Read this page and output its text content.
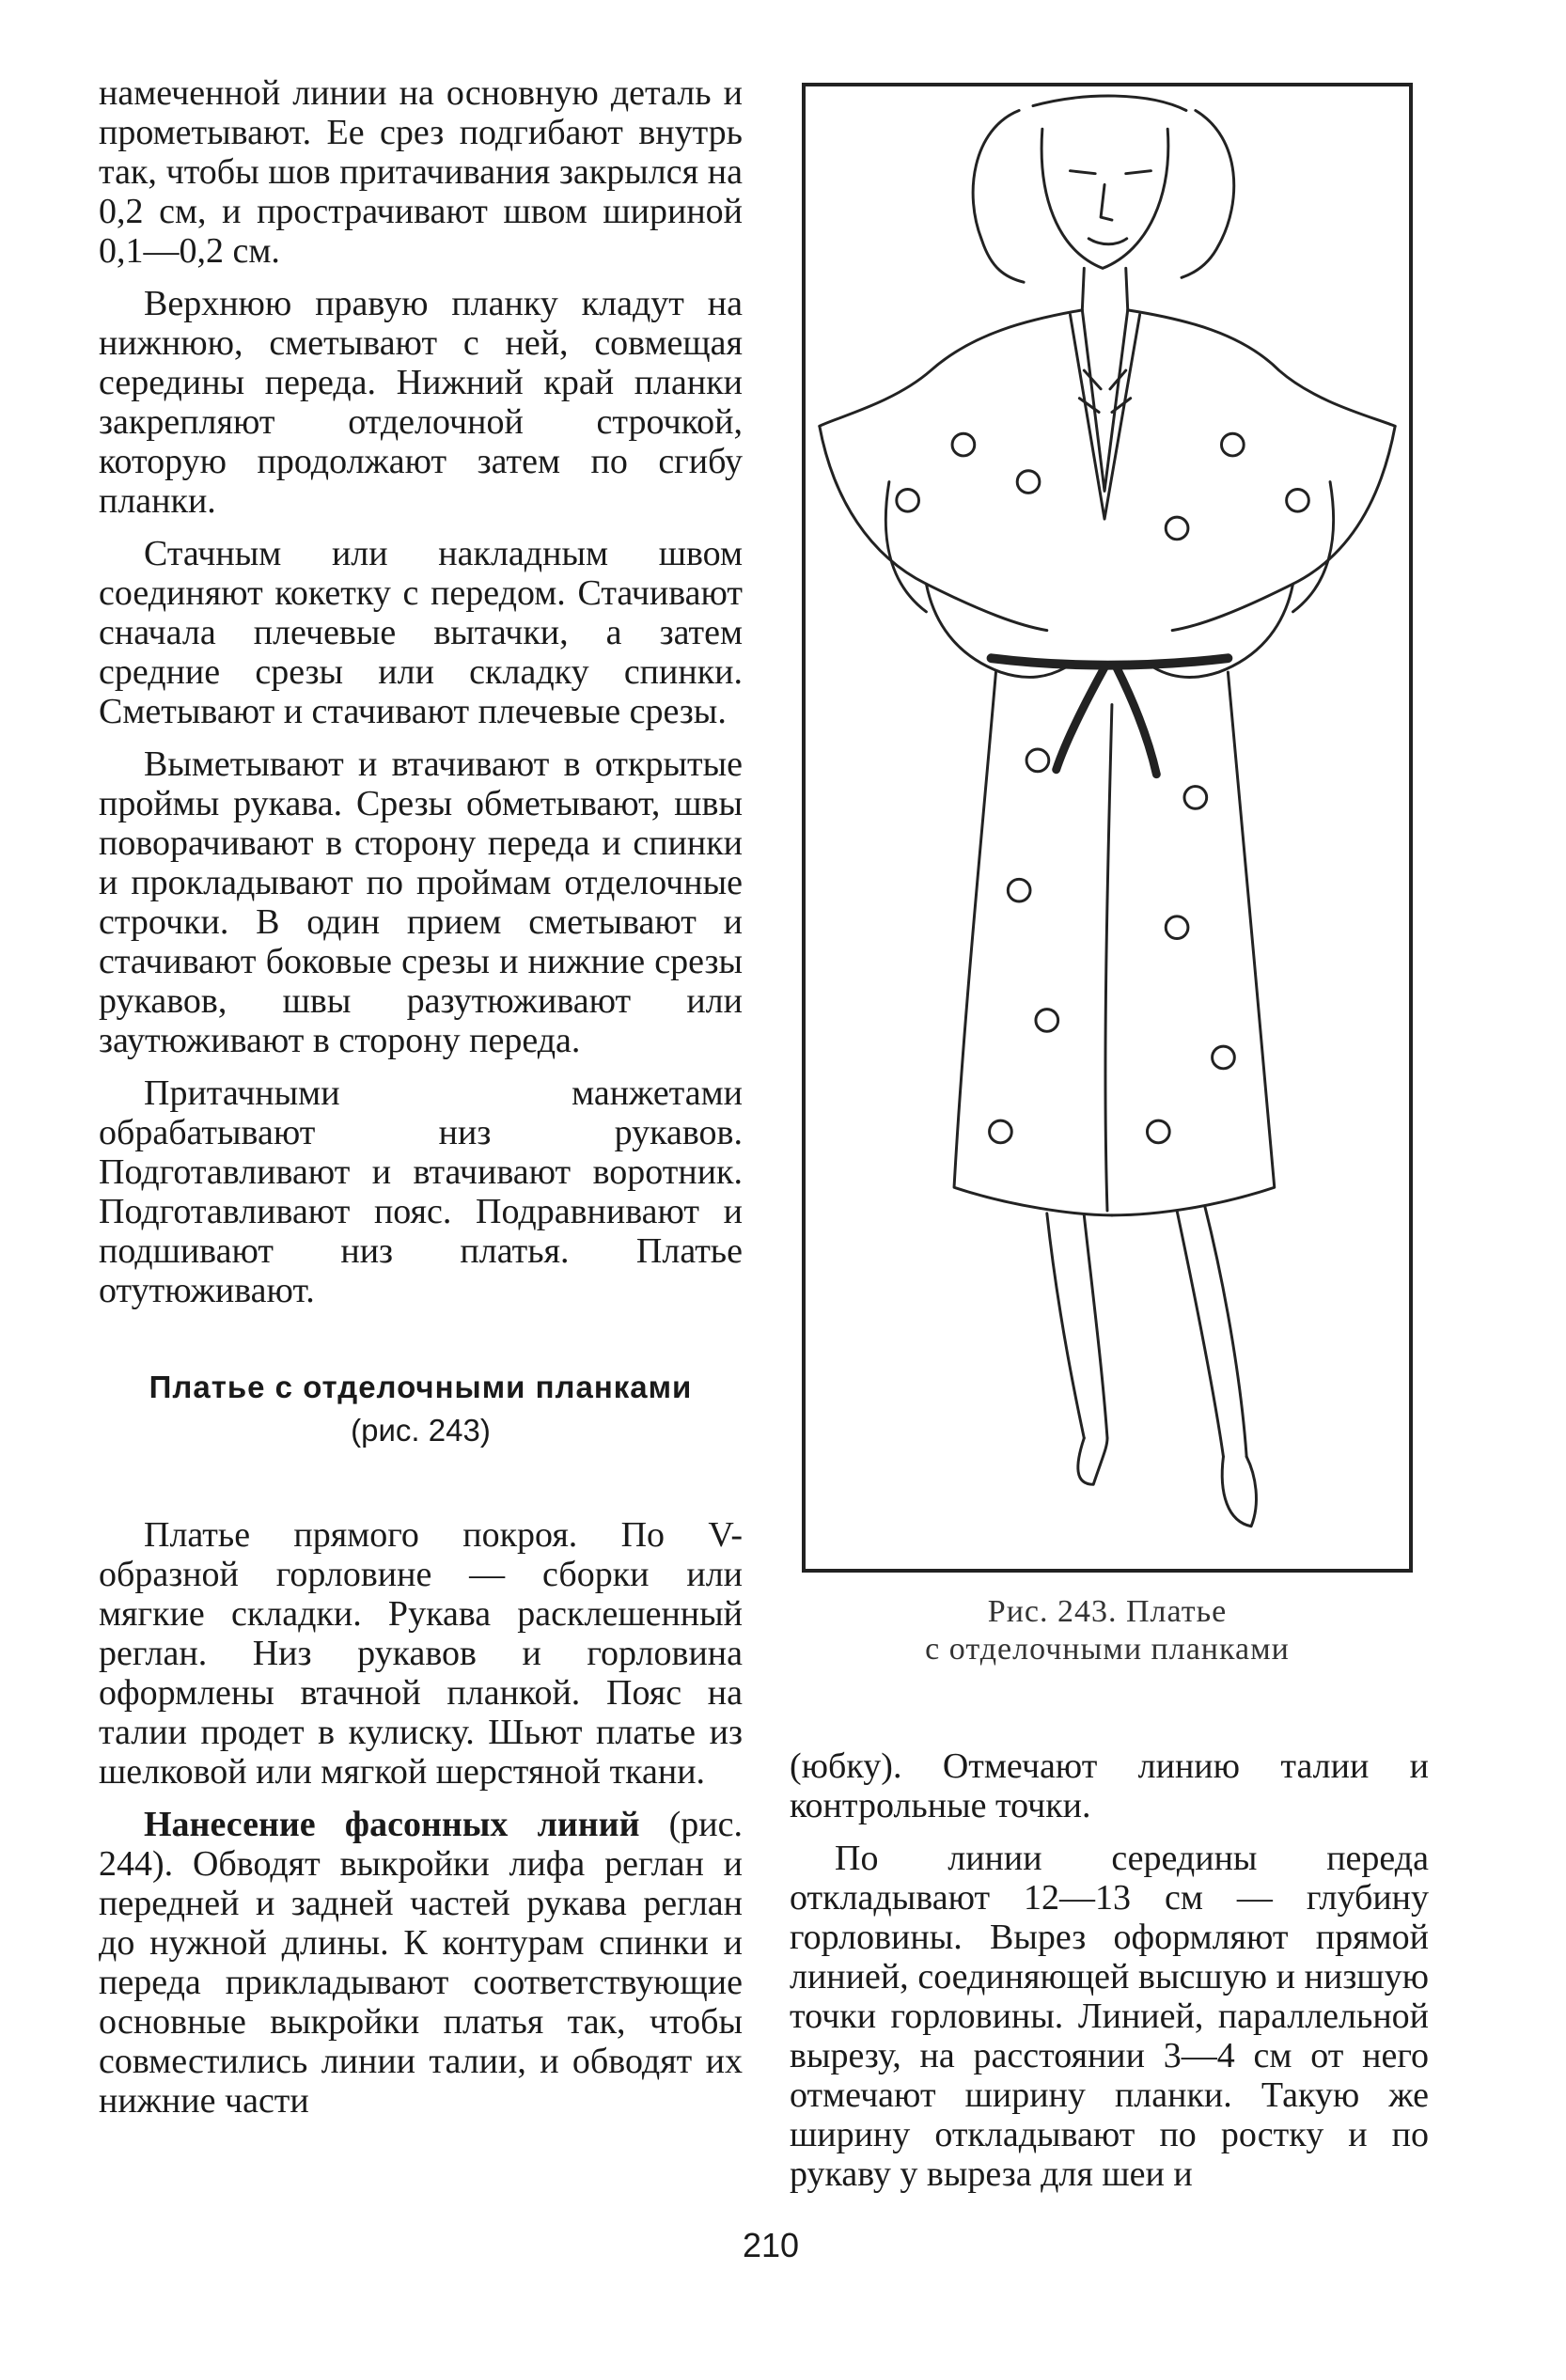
намеченной линии на основную деталь и прометывают. Ее срез подгибают внутрь так, чтобы шов притачивания закрылся на 0,2 см, и прострачивают швом шириной 0,1—0,2 см.

Верхнюю правую планку кладут на нижнюю, сметывают с ней, совмещая середины переда. Нижний край планки закрепляют отделочной строчкой, которую продолжают затем по сгибу планки.

Стачным или накладным швом соединяют кокетку с передом. Стачивают сначала плечевые вытачки, а затем средние срезы или складку спинки. Сметывают и стачивают плечевые срезы.

Выметывают и втачивают в открытые проймы рукава. Срезы обметывают, швы поворачивают в сторону переда и спинки и прокладывают по проймам отделочные строчки. В один прием сметывают и стачивают боковые срезы и нижние срезы рукавов, швы разутюживают или заутюживают в сторону переда.

Притачными манжетами обрабатывают низ рукавов. Подготавливают и втачивают воротник. Подготавливают пояс. Подравнивают и подшивают низ платья. Платье отутюживают.

Платье с отделочными планками
(рис. 243)

Платье прямого покроя. По V-образной горловине — сборки или мягкие складки. Рукава расклешенный реглан. Низ рукавов и горловина оформлены втачной планкой. Пояс на талии продет в кулиску. Шьют платье из шелковой или мягкой шерстяной ткани.

Нанесение фасонных линий (рис. 244). Обводят выкройки лифа реглан и передней и задней частей рукава реглан до нужной длины. К контурам спинки и переда прикладывают соответствующие основные выкройки платья так, чтобы совместились линии талии, и обводят их нижние части

Рис. 243. Платье
с отделочными планками

(юбку). Отмечают линию талии и контрольные точки.

По линии середины переда откладывают 12—13 см — глубину горловины. Вырез оформляют прямой линией, соединяющей высшую и низшую точки горловины. Линией, параллельной вырезу, на расстоянии 3—4 см от него отмечают ширину планки. Такую же ширину откладывают по ростку и по рукаву у выреза для шеи и

210
